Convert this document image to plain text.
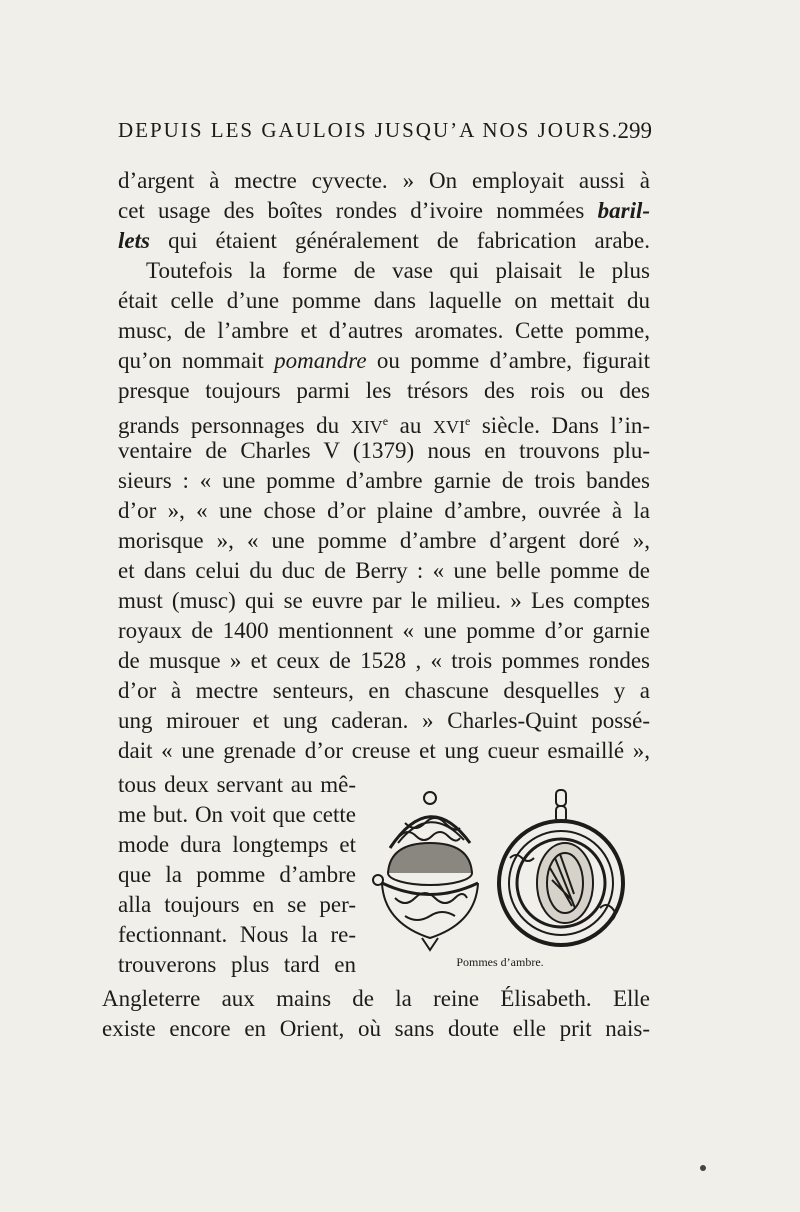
DEPUIS LES GAULOIS JUSQU’A NOS JOURS.
299
d’argent à mectre cyvecte. » On employait aussi à
cet usage des boîtes rondes d’ivoire nommées baril-
lets qui étaient généralement de fabrication arabe.
Toutefois la forme de vase qui plaisait le plus
était celle d’une pomme dans laquelle on mettait du
musc, de l’ambre et d’autres aromates. Cette pomme,
qu’on nommait pomandre ou pomme d’ambre, figurait
presque toujours parmi les trésors des rois ou des
grands personnages du XIVe au XVIe siècle. Dans l’in-
ventaire de Charles V (1379) nous en trouvons plu-
sieurs : « une pomme d’ambre garnie de trois bandes
d’or », « une chose d’or plaine d’ambre, ouvrée à la
morisque », « une pomme d’ambre d’argent doré »,
et dans celui du duc de Berry : « une belle pomme de
must (musc) qui se euvre par le milieu. » Les comptes
royaux de 1400 mentionnent « une pomme d’or garnie
de musque » et ceux de 1528 , « trois pommes rondes
d’or à mectre senteurs, en chascune desquelles y a
ung mirouer et ung caderan. » Charles-Quint possé-
dait « une grenade d’or creuse et ung cueur esmaillé »,
tous deux servant au mê-
me but. On voit que cette
mode dura longtemps et
que la pomme d’ambre
alla toujours en se per-
fectionnant. Nous la re-
trouverons plus tard en
Angleterre aux mains de la reine Élisabeth. Elle
existe encore en Orient, où sans doute elle prit nais-
Pommes d’ambre.
